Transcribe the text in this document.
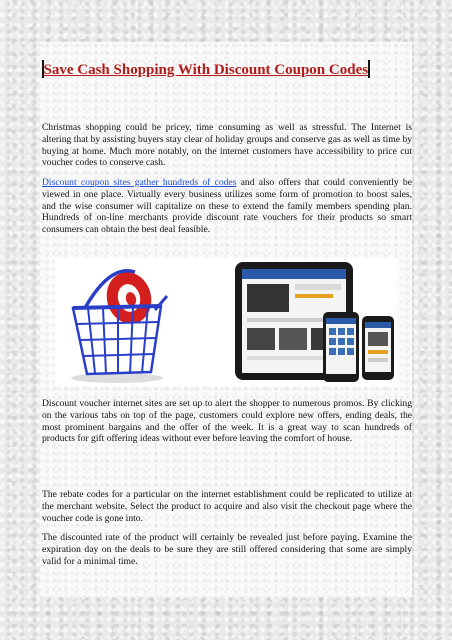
Save Cash Shopping With Discount Coupon Codes

Christmas shopping could be pricey, time consuming as well as stressful. The Internet is altering that by assisting buyers stay clear of holiday groups and conserve gas as well as time by buying at home. Much more notably, on the internet customers have accessibility to price cut voucher codes to conserve cash.

Discount coupon sites gather hundreds of codes and also offers that could conveniently be viewed in one place. Virtually every business utilizes some form of promotion to boost sales, and the wise consumer will capitalize on these to extend the family members spending plan. Hundreds of on-line merchants provide discount rate vouchers for their products so smart consumers can obtain the best deal feasible.

Discount voucher internet sites are set up to alert the shopper to numerous promos. By clicking on the various tabs on top of the page, customers could explore new offers, ending deals, the most prominent bargains and the offer of the week. It is a great way to scan hundreds of products for gift offering ideas without ever before leaving the comfort of house.

The rebate codes for a particular on the internet establishment could be replicated to utilize at the merchant website. Select the product to acquire and also visit the checkout page where the voucher code is gone into.

The discounted rate of the product will certainly be revealed just before paying. Examine the expiration day on the deals to be sure they are still offered considering that some are simply valid for a minimal time.
